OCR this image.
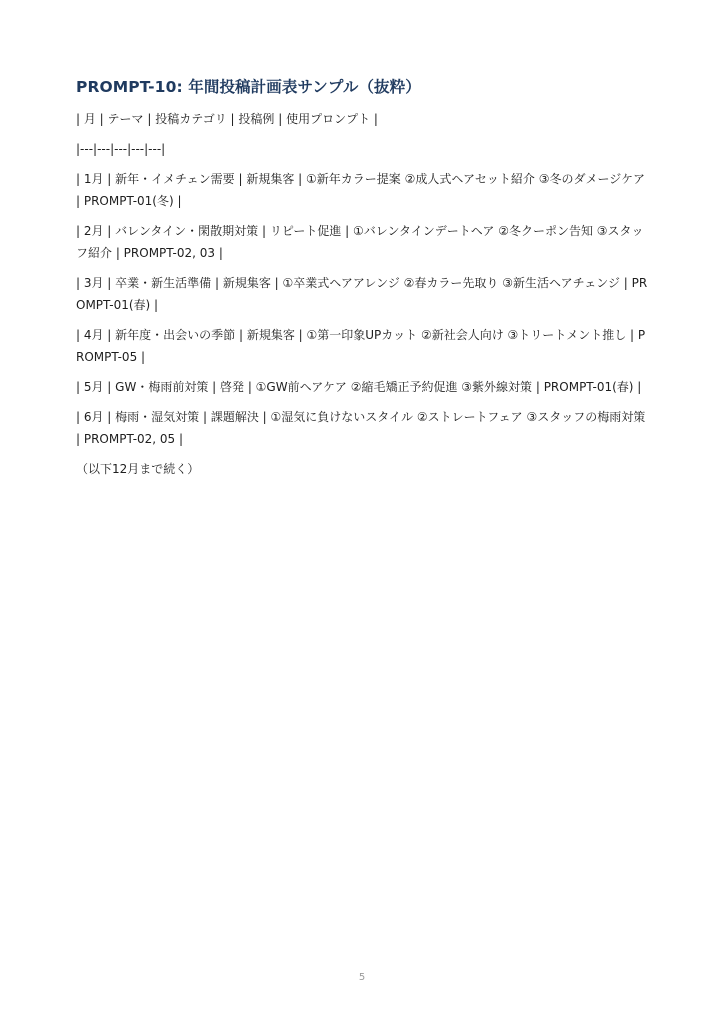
PROMPT-10: 年間投稿計画表サンプル（抜粋）

| 月 | テーマ | 投稿カテゴリ | 投稿例 | 使用プロンプト |

|---|---|---|---|---|

| 1月 | 新年・イメチェン需要 | 新規集客 | ①新年カラー提案 ②成人式ヘアセット紹介 ③冬のダメージケア | PROMPT-01(冬) |

| 2月 | バレンタイン・閑散期対策 | リピート促進 | ①バレンタインデートヘア ②冬クーポン告知 ③スタッフ紹介 | PROMPT-02, 03 |

| 3月 | 卒業・新生活準備 | 新規集客 | ①卒業式ヘアアレンジ ②春カラー先取り ③新生活ヘアチェンジ | PROMPT-01(春) |

| 4月 | 新年度・出会いの季節 | 新規集客 | ①第一印象UPカット ②新社会人向け ③トリートメント推し | PROMPT-05 |

| 5月 | GW・梅雨前対策 | 啓発 | ①GW前ヘアケア ②縮毛矯正予約促進 ③紫外線対策 | PROMPT-01(春) |

| 6月 | 梅雨・湿気対策 | 課題解決 | ①湿気に負けないスタイル ②ストレートフェア ③スタッフの梅雨対策 | PROMPT-02, 05 |

（以下12月まで続く）

5
